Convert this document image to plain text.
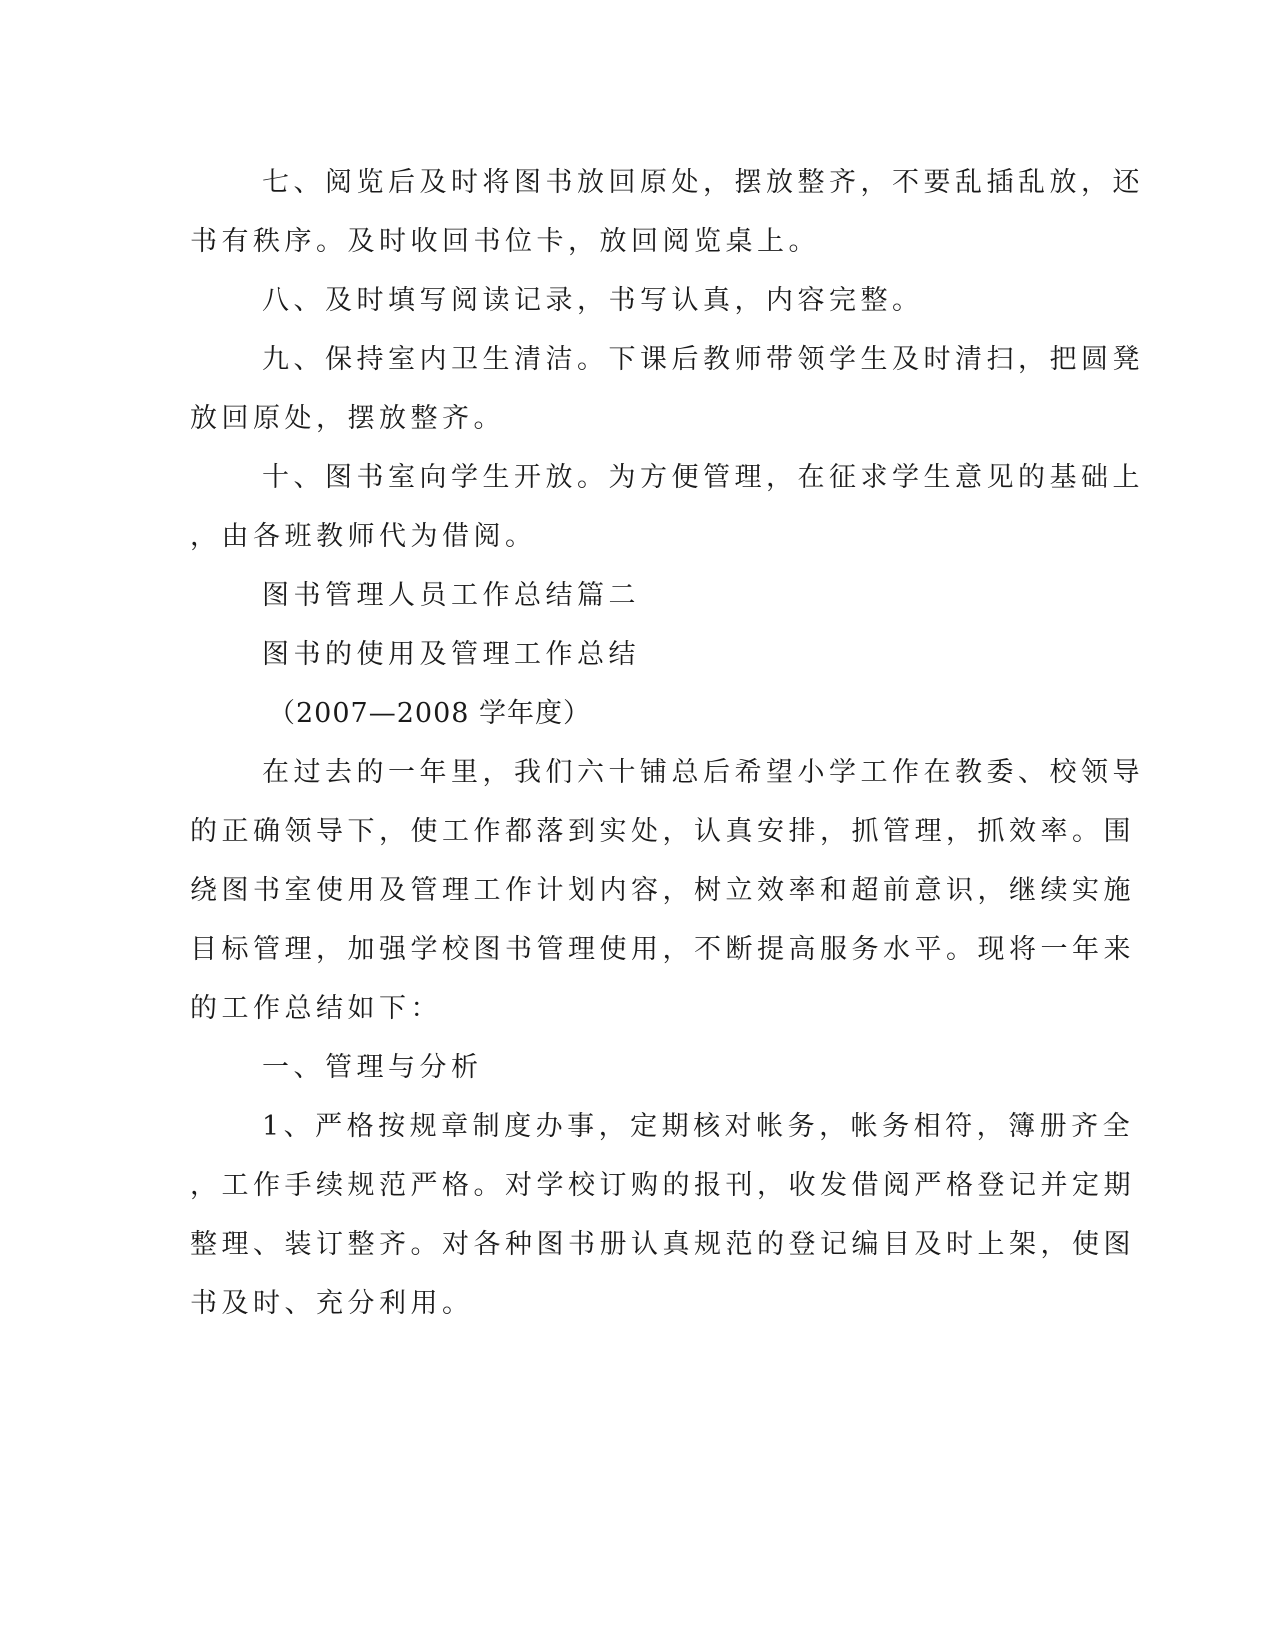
七、阅览后及时将图书放回原处，摆放整齐，不要乱插乱放，还
书有秩序。及时收回书位卡，放回阅览桌上。
八、及时填写阅读记录，书写认真，内容完整。
九、保持室内卫生清洁。下课后教师带领学生及时清扫，把圆凳
放回原处，摆放整齐。
十、图书室向学生开放。为方便管理，在征求学生意见的基础上
，由各班教师代为借阅。
图书管理人员工作总结篇二
图书的使用及管理工作总结
（2007—2008 学年度）
在过去的一年里，我们六十铺总后希望小学工作在教委、校领导
的正确领导下，使工作都落到实处，认真安排，抓管理，抓效率。围
绕图书室使用及管理工作计划内容，树立效率和超前意识，继续实施
目标管理，加强学校图书管理使用，不断提高服务水平。现将一年来
的工作总结如下：
一、管理与分析
1、严格按规章制度办事，定期核对帐务，帐务相符，簿册齐全
，工作手续规范严格。对学校订购的报刊，收发借阅严格登记并定期
整理、装订整齐。对各种图书册认真规范的登记编目及时上架，使图
书及时、充分利用。
